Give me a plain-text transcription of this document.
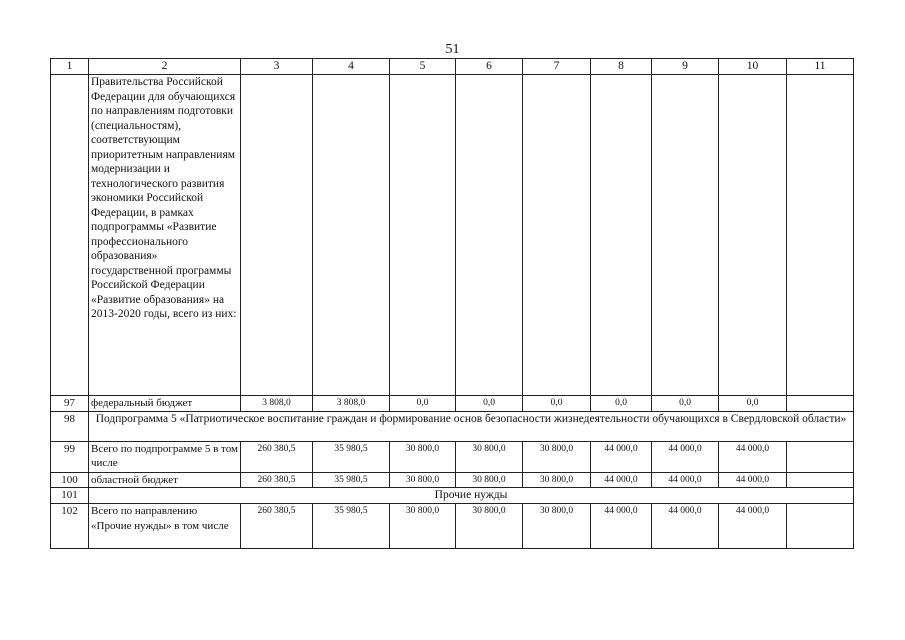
51
1	2	3	4	5	6	7	8	9	10	11
	Правительства Российской Федерации для обучающихся по направлениям подготовки (специальностям), соответствующим приоритетным направлениям модернизации и технологического развития экономики Российской Федерации, в рамках подпрограммы «Развитие профессионального образования» государственной программы Российской Федерации «Развитие образования» на 2013-2020 годы, всего из них:									
97	федеральный бюджет	3 808,0	3 808,0	0,0	0,0	0,0	0,0	0,0	0,0	
98	Подпрограмма 5 «Патриотическое воспитание граждан и формирование основ безопасности жизнедеятельности обучающихся в Свердловской области»									
99	Всего по подпрограмме 5 в том числе	260 380,5	35 980,5	30 800,0	30 800,0	30 800,0	44 000,0	44 000,0	44 000,0	
100	областной бюджет	260 380,5	35 980,5	30 800,0	30 800,0	30 800,0	44 000,0	44 000,0	44 000,0	
101	Прочие нужды									
102	Всего по направлению «Прочие нужды» в том числе	260 380,5	35 980,5	30 800,0	30 800,0	30 800,0	44 000,0	44 000,0	44 000,0	
